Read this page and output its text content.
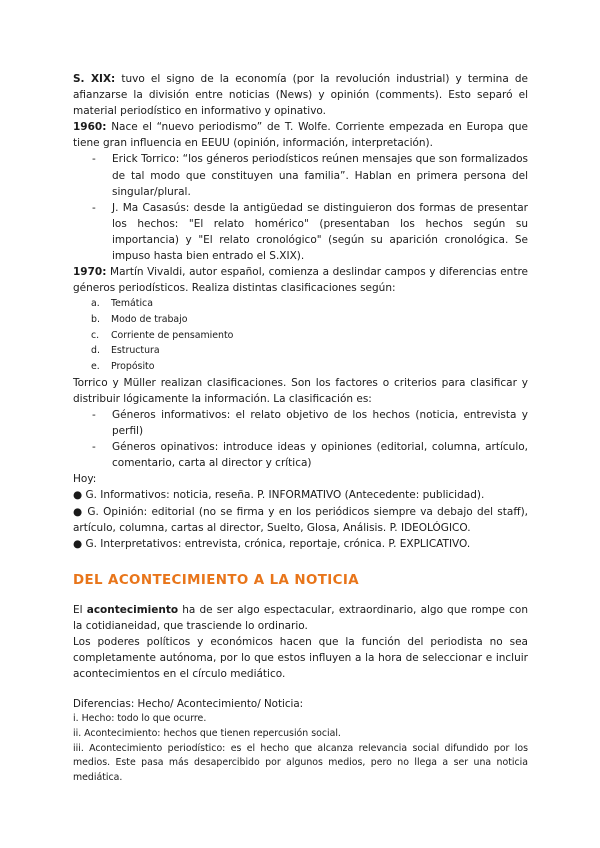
S. XIX: tuvo el signo de la economía (por la revolución industrial) y termina de afianzarse la división entre noticias (News) y opinión (comments). Esto separó el material periodístico en informativo y opinativo.

1960: Nace el “nuevo periodismo” de T. Wolfe. Corriente empezada en Europa que tiene gran influencia en EEUU (opinión, información, interpretación).

- Erick Torrico: “los géneros periodísticos reúnen mensajes que son formalizados de tal modo que constituyen una familia”. Hablan en primera persona del singular/plural.
- J. Ma Casasús: desde la antigüedad se distinguieron dos formas de presentar los hechos: "El relato homérico" (presentaban los hechos según su importancia) y "El relato cronológico" (según su aparición cronológica. Se impuso hasta bien entrado el S.XIX).

1970: Martín Vivaldi, autor español, comienza a deslindar campos y diferencias entre géneros periodísticos. Realiza distintas clasificaciones según:

a. Temática
b. Modo de trabajo
c. Corriente de pensamiento
d. Estructura
e. Propósito

Torrico y Müller realizan clasificaciones. Son los factores o criterios para clasificar y distribuir lógicamente la información. La clasificación es:

- Géneros informativos: el relato objetivo de los hechos (noticia, entrevista y perfil)
- Géneros opinativos: introduce ideas y opiniones (editorial, columna, artículo, comentario, carta al director y crítica)

Hoy:

● G. Informativos: noticia, reseña. P. INFORMATIVO (Antecedente: publicidad).

● G. Opinión: editorial (no se firma y en los periódicos siempre va debajo del staff), artículo, columna, cartas al director, Suelto, Glosa, Análisis. P. IDEOLÓGICO.

● G. Interpretativos: entrevista, crónica, reportaje, crónica. P. EXPLICATIVO.

DEL ACONTECIMIENTO A LA NOTICIA

El acontecimiento ha de ser algo espectacular, extraordinario, algo que rompe con la cotidianeidad, que trasciende lo ordinario.

Los poderes políticos y económicos hacen que la función del periodista no sea completamente autónoma, por lo que estos influyen a la hora de seleccionar e incluir acontecimientos en el círculo mediático.

Diferencias: Hecho/ Acontecimiento/ Noticia:

i. Hecho: todo lo que ocurre.

ii. Acontecimiento: hechos que tienen repercusión social.

iii. Acontecimiento periodístico: es el hecho que alcanza relevancia social difundido por los medios. Este pasa más desapercibido por algunos medios, pero no llega a ser una noticia mediática.
